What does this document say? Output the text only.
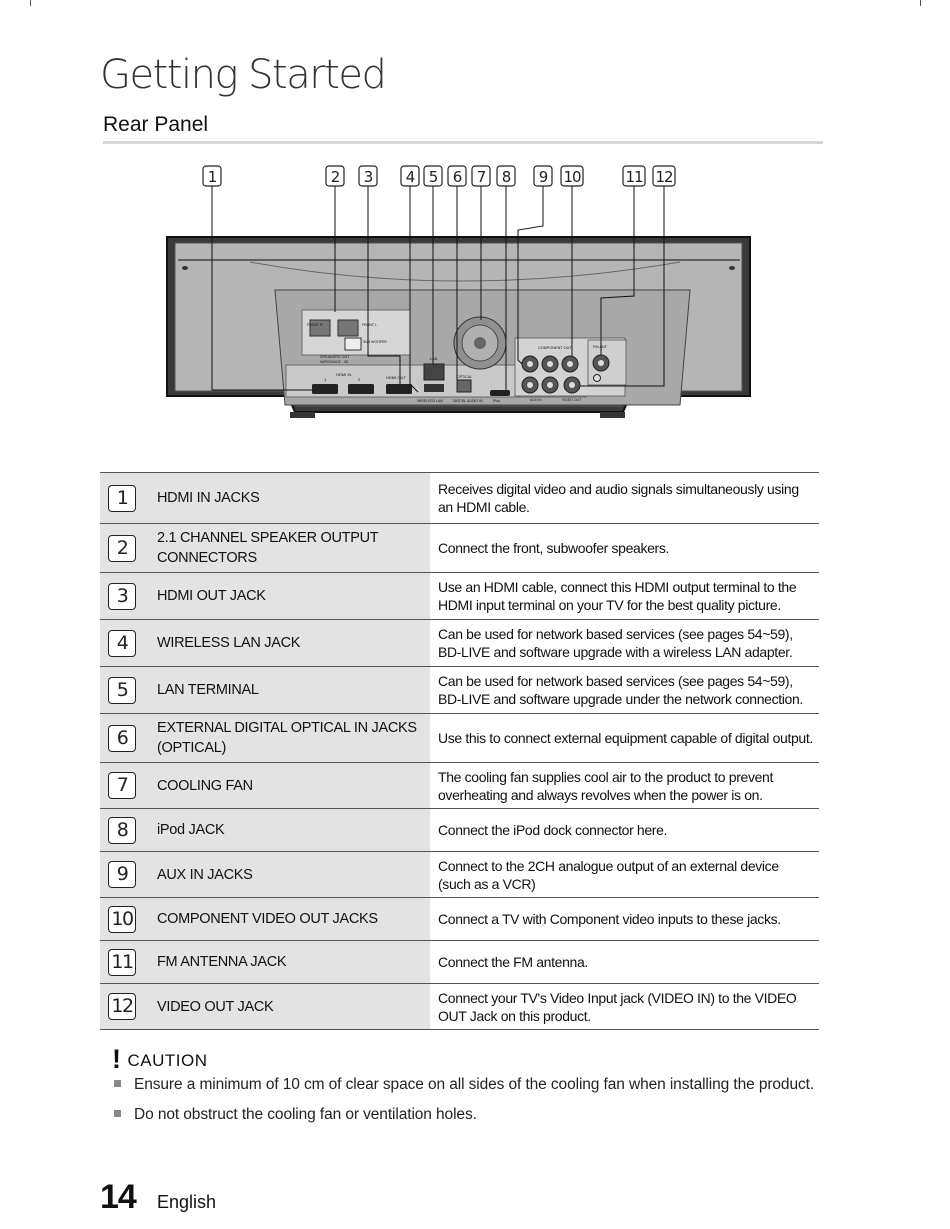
Getting Started
Rear Panel
FRONT R	FRONT L
SUB WOOFER
SPEAKERS OUT
IMPEDANCE : 3Ω
HDMI IN
1	2	HDMI OUT
LAN
WIRELESS LAN
OPTICAL
DIGITAL AUDIO IN	iPod
COMPONENT OUT
AUX IN	VIDEO OUT
FM ANT.
1	2 3 4 5 6 7 8 9 10	11 12
1	HDMI IN JACKS	Receives digital video and audio signals simultaneously using an HDMI cable.
2	2.1 CHANNEL SPEAKER OUTPUT CONNECTORS	Connect the front, subwoofer speakers.
3	HDMI OUT JACK	Use an HDMI cable, connect this HDMI output terminal to the HDMI input terminal on your TV for the best quality picture.
4	WIRELESS LAN JACK	Can be used for network based services (see pages 54~59), BD-LIVE and software upgrade with a wireless LAN adapter.
5	LAN TERMINAL	Can be used for network based services (see pages 54~59), BD-LIVE and software upgrade under the network connection.
6	EXTERNAL DIGITAL OPTICAL IN JACKS (OPTICAL)	Use this to connect external equipment capable of digital output.
7	COOLING FAN	The cooling fan supplies cool air to the product to prevent overheating and always revolves when the power is on.
8	iPod JACK	Connect the iPod dock connector here.
9	AUX IN JACKS	Connect to the 2CH analogue output of an external device (such as a VCR)
10	COMPONENT VIDEO OUT JACKS	Connect a TV with Component video inputs to these jacks.
11	FM ANTENNA JACK	Connect the FM antenna.
12	VIDEO OUT JACK	Connect your TV's Video Input jack (VIDEO IN) to the VIDEO OUT Jack on this product.

! CAUTION

Ensure a minimum of 10 cm of clear space on all sides of the cooling fan when installing the product.
Do not obstruct the cooling fan or ventilation holes.
14 English
